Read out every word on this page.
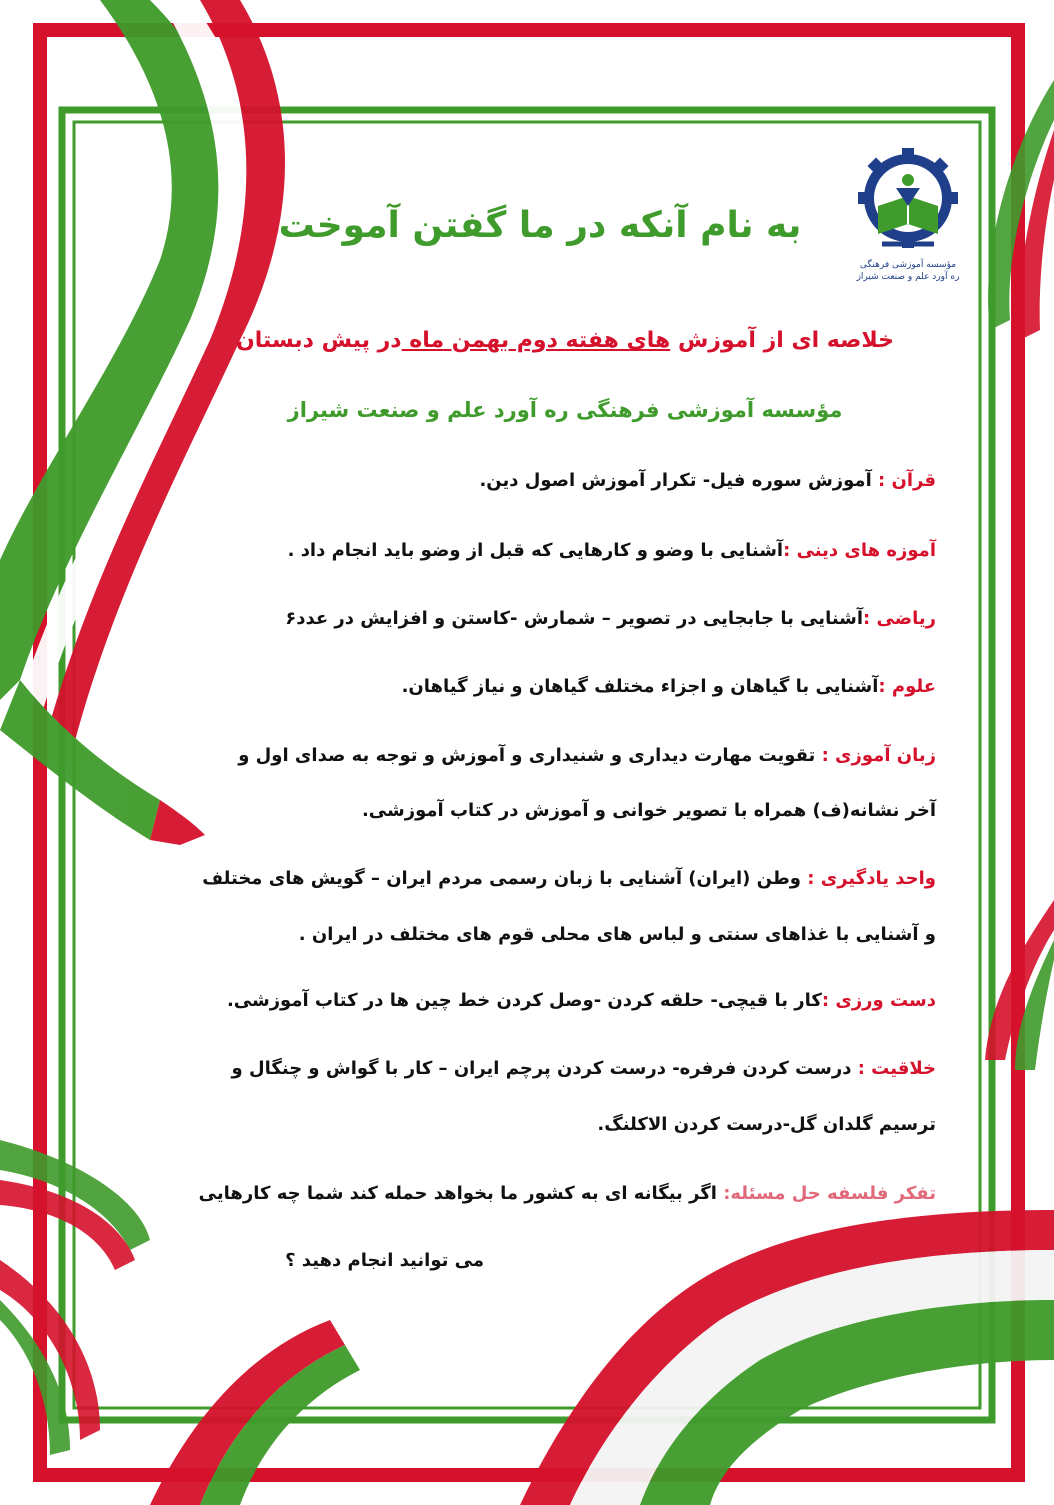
مؤسسه آموزشی فرهنگی
ره آورد علم و صنعت شیراز
به نام آنکه در ما گفتن آموخت
خلاصه ای از آموزش های هفته دوم بهمن ماه در پیش دبستان
مؤسسه آموزشی فرهنگی ره آورد علم و صنعت شیراز
قرآن : آموزش سوره فیل- تکرار آموزش اصول دین.
آموزه های دینی :آشنایی با وضو و کارهایی که قبل از وضو باید انجام داد .
ریاضی :آشنایی با جابجایی در تصویر – شمارش -کاستن و افزایش در عدد۶
علوم :آشنایی با گیاهان و اجزاء مختلف گیاهان و نیاز گیاهان.
زبان آموزی : تقویت مهارت دیداری و شنیداری و آموزش و توجه به صدای اول و
آخر نشانه(ف) همراه با تصویر خوانی و آموزش در کتاب آموزشی.
واحد یادگیری : وطن (ایران) آشنایی با زبان رسمی مردم ایران – گویش های مختلف
و آشنایی با غذاهای سنتی و لباس های محلی قوم های مختلف در ایران .
دست ورزی :کار با قیچی- حلقه کردن -وصل کردن خط چین ها در کتاب آموزشی.
خلاقیت : درست کردن فرفره- درست کردن پرچم ایران – کار با گواش و چنگال و
ترسیم گلدان گل-درست کردن الاکلنگ.
تفکر فلسفه حل مسئله: اگر بیگانه ای به کشور ما بخواهد حمله کند شما چه کارهایی
می توانید انجام دهید ؟
